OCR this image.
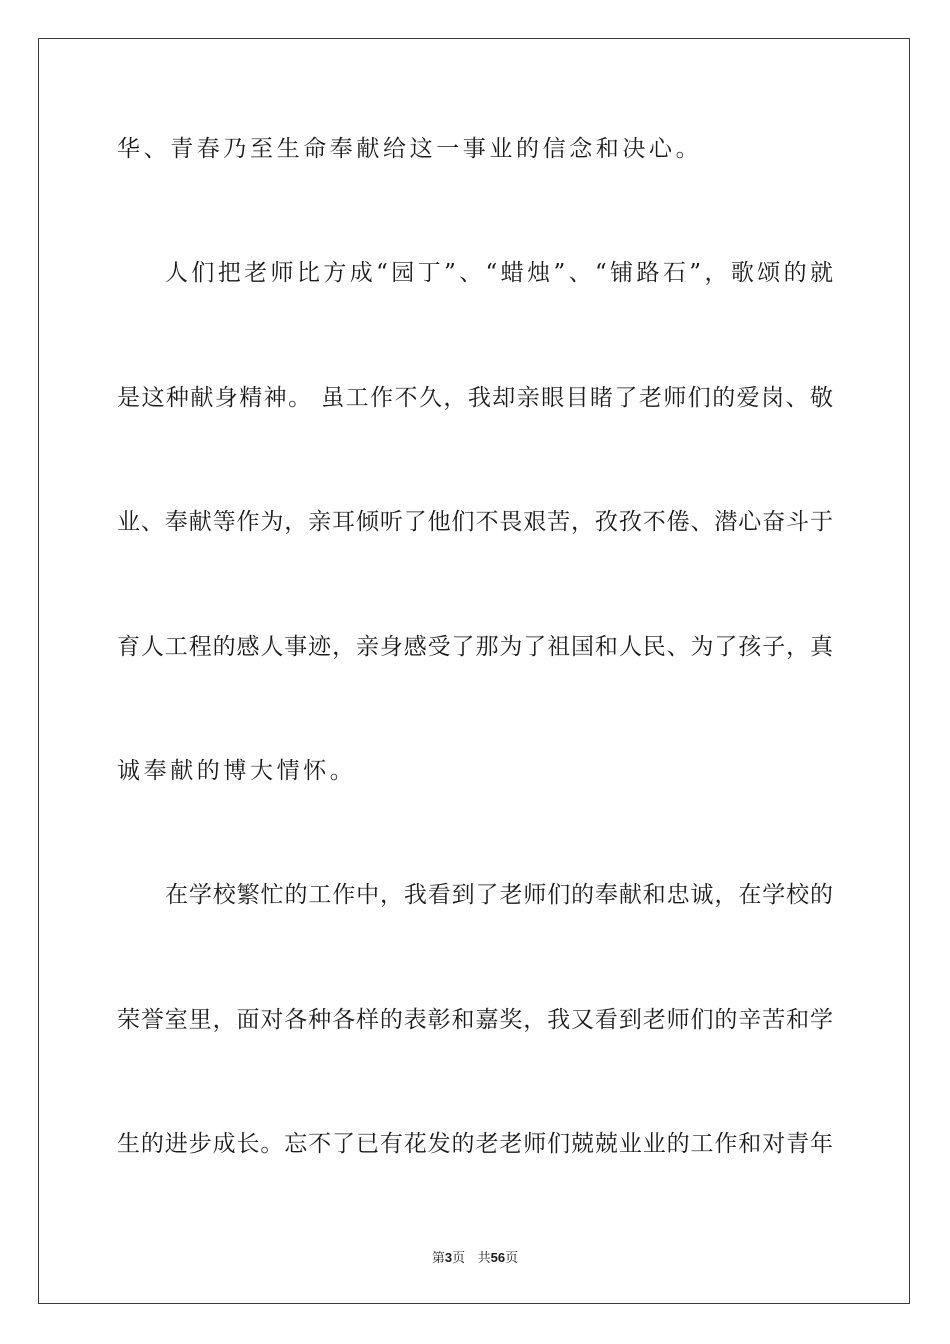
华、青春乃至生命奉献给这一事业的信念和决心。
人们把老师比方成“园丁”、“蜡烛”、“铺路石”，歌颂的就
是这种献身精神。 虽工作不久，我却亲眼目睹了老师们的爱岗、敬
业、奉献等作为，亲耳倾听了他们不畏艰苦，孜孜不倦、潜心奋斗于
育人工程的感人事迹，亲身感受了那为了祖国和人民、为了孩子，真
诚奉献的博大情怀。
在学校繁忙的工作中，我看到了老师们的奉献和忠诚，在学校的
荣誉室里，面对各种各样的表彰和嘉奖，我又看到老师们的辛苦和学
生的进步成长。忘不了已有花发的老老师们兢兢业业的工作和对青年
第3页 共56页
